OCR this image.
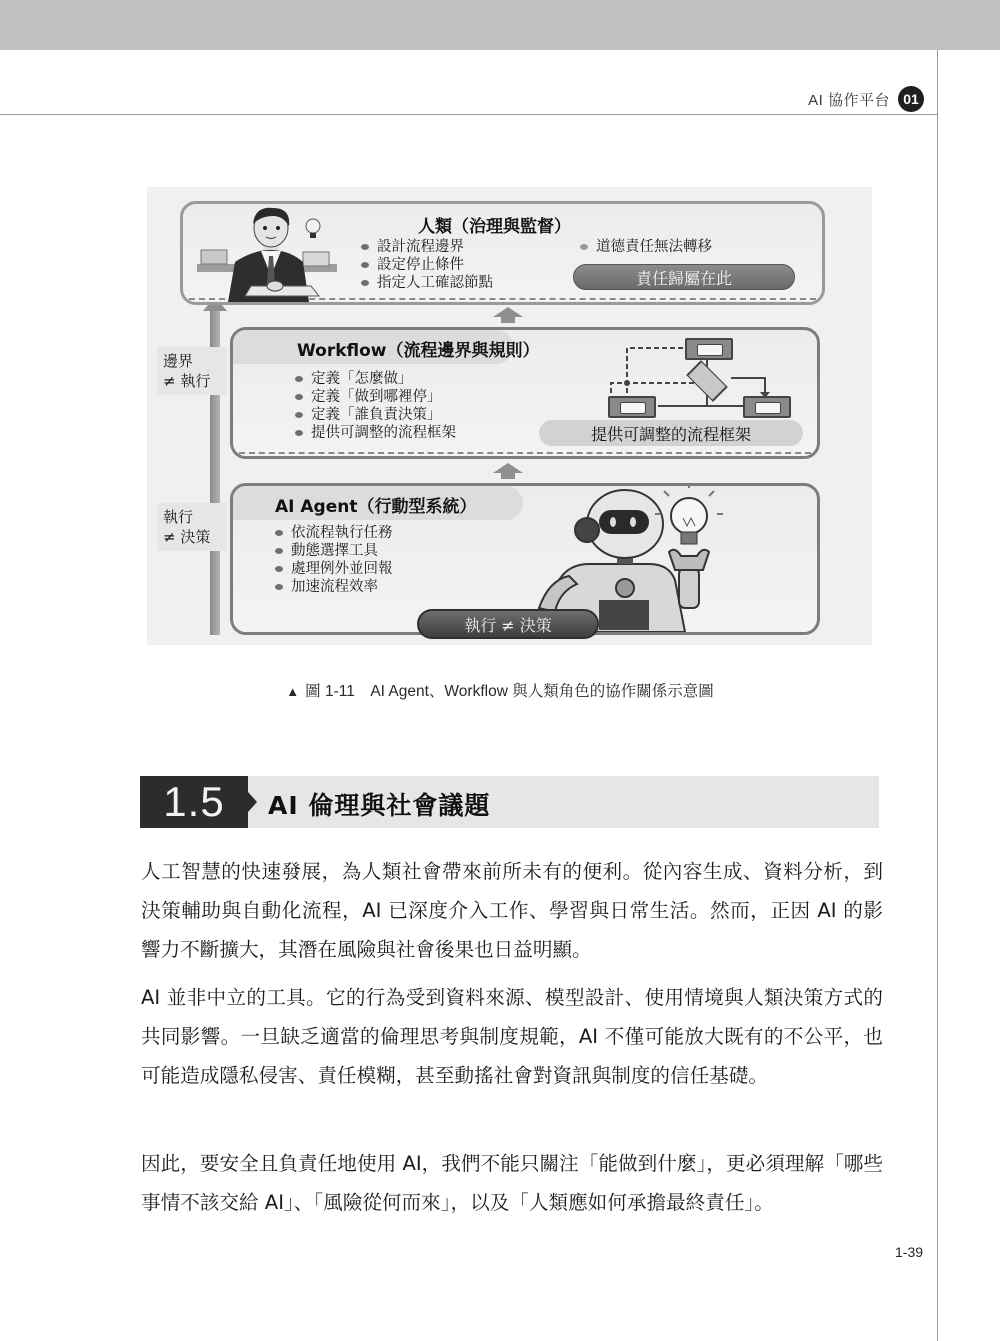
AI 協作平台 01
邊界
≠ 執行
執行
≠ 決策
人類（治理與監督）
設計流程邊界
設定停止條件
指定人工確認節點
道德責任無法轉移
責任歸屬在此
Workflow（流程邊界與規則）
定義「怎麼做」
定義「做到哪裡停」
定義「誰負責決策」
提供可調整的流程框架	提供可調整的流程框架
AI Agent（行動型系統）
依流程執行任務
動態選擇工具
處理例外並回報
加速流程效率
執行 ≠ 決策
▲ 圖 1-11　AI Agent、Workflow 與人類角色的協作關係示意圖
1.5	AI 倫理與社會議題

人工智慧的快速發展，為人類社會帶來前所未有的便利。從內容生成、資料分析，到決策輔助與自動化流程，AI 已深度介入工作、學習與日常生活。然而，正因 AI 的影響力不斷擴大，其潛在風險與社會後果也日益明顯。

AI 並非中立的工具。它的行為受到資料來源、模型設計、使用情境與人類決策方式的共同影響。一旦缺乏適當的倫理思考與制度規範，AI 不僅可能放大既有的不公平，也可能造成隱私侵害、責任模糊，甚至動搖社會對資訊與制度的信任基礎。

因此，要安全且負責任地使用 AI，我們不能只關注「能做到什麼」，更必須理解「哪些事情不該交給 AI」、「風險從何而來」，以及「人類應如何承擔最終責任」。

1-39
